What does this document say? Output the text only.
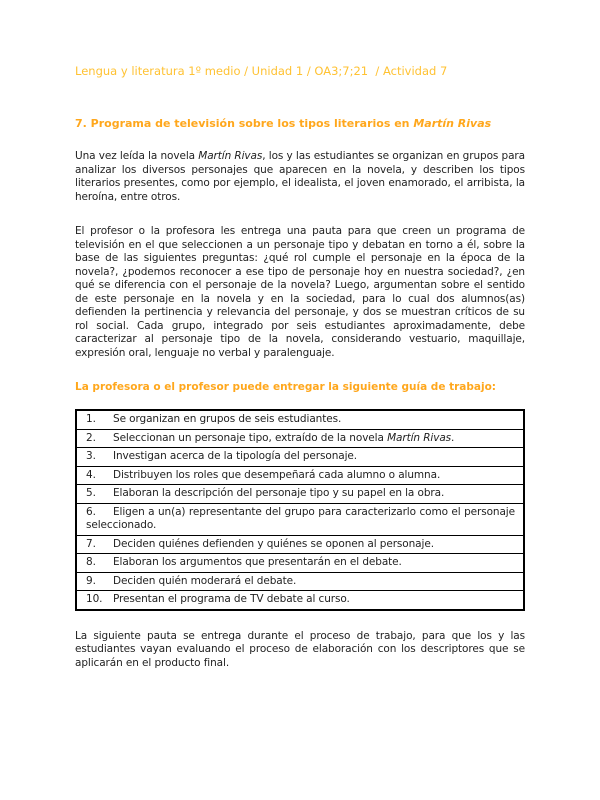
Lengua y literatura 1º medio / Unidad 1 / OA3;7;21  / Actividad 7
7. Programa de televisión sobre los tipos literarios en Martín Rivas
Una vez leída la novela Martín Rivas, los y las estudiantes se organizan en grupos para analizar los diversos personajes que aparecen en la novela, y describen los tipos literarios presentes, como por ejemplo, el idealista, el joven enamorado, el arribista, la heroína, entre otros.
El profesor o la profesora les entrega una pauta para que creen un programa de televisión en el que seleccionen a un personaje tipo y debatan en torno a él, sobre la base de las siguientes preguntas: ¿qué rol cumple el personaje en la época de la novela?, ¿podemos reconocer a ese tipo de personaje hoy en nuestra sociedad?, ¿en qué se diferencia con el personaje de la novela? Luego, argumentan sobre el sentido de este personaje en la novela y en la sociedad, para lo cual dos alumnos(as) defienden la pertinencia y relevancia del personaje, y dos se muestran críticos de su rol social. Cada grupo, integrado por seis estudiantes aproximadamente, debe caracterizar al personaje tipo de la novela, considerando vestuario, maquillaje, expresión oral, lenguaje no verbal y paralenguaje.
La profesora o el profesor puede entregar la siguiente guía de trabajo:
1. Se organizan en grupos de seis estudiantes.
2. Seleccionan un personaje tipo, extraído de la novela Martín Rivas.
3. Investigan acerca de la tipología del personaje.
4. Distribuyen los roles que desempeñará cada alumno o alumna.
5. Elaboran la descripción del personaje tipo y su papel en la obra.
6. Eligen a un(a) representante del grupo para caracterizarlo como el personaje seleccionado.
7. Deciden quiénes defienden y quiénes se oponen al personaje.
8. Elaboran los argumentos que presentarán en el debate.
9. Deciden quién moderará el debate.
10. Presentan el programa de TV debate al curso.
La siguiente pauta se entrega durante el proceso de trabajo, para que los y las estudiantes vayan evaluando el proceso de elaboración con los descriptores que se aplicarán en el producto final.
